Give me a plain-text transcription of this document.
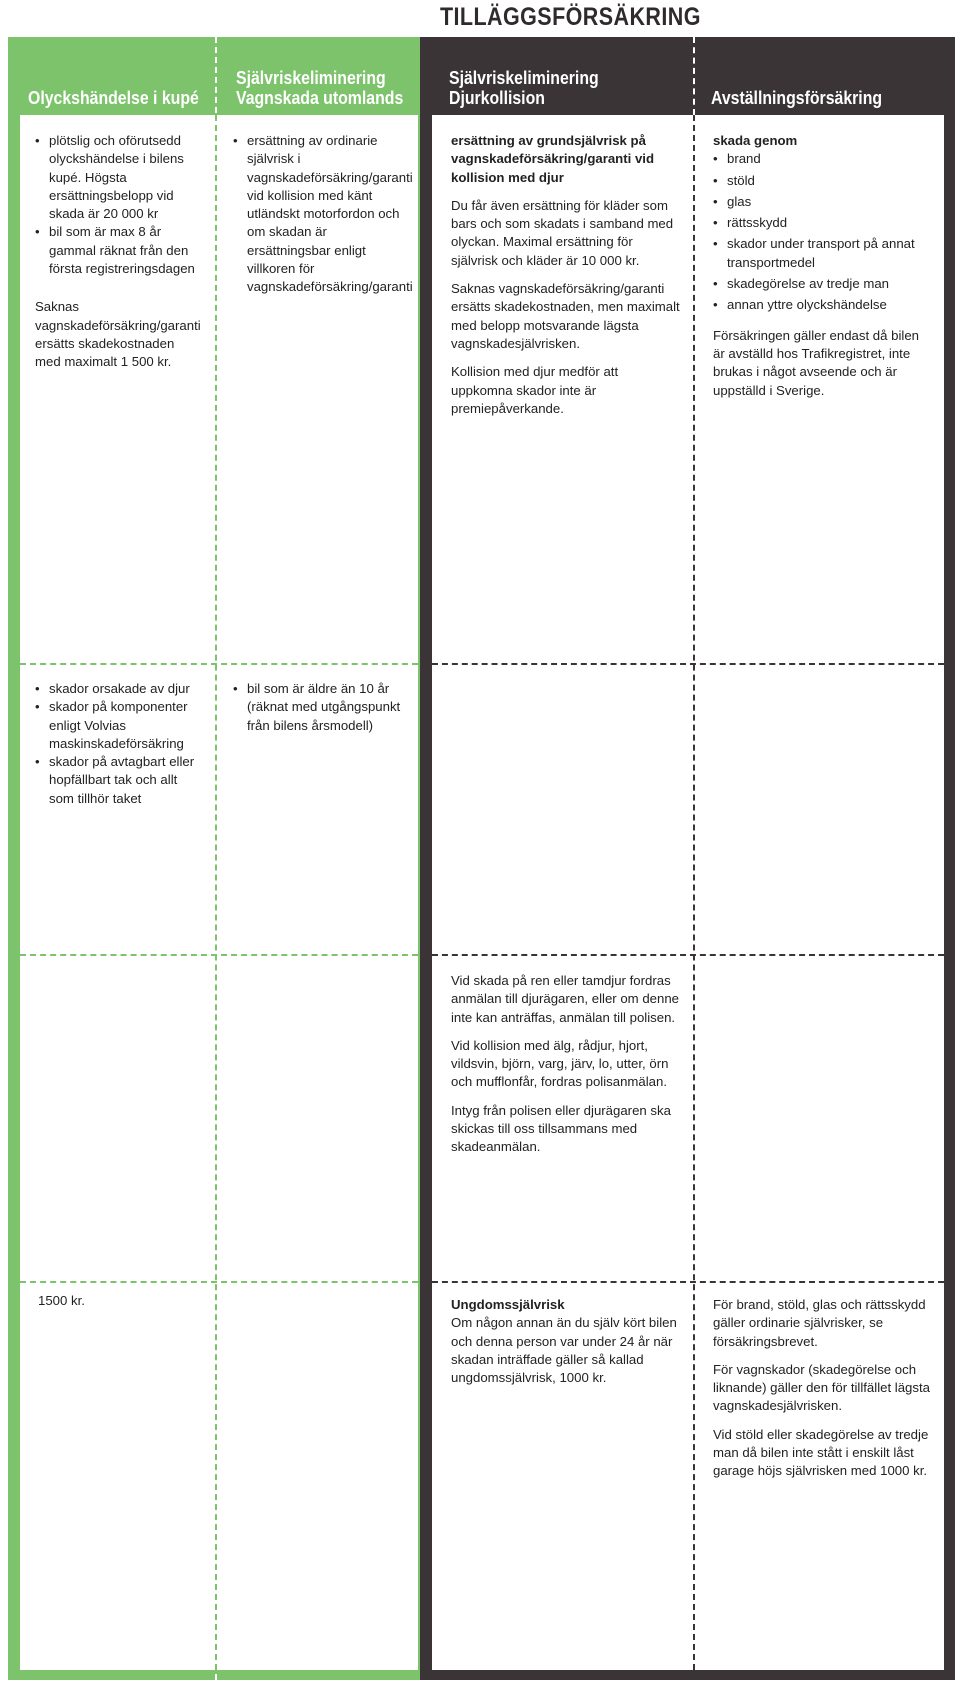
TILLÄGGSFÖRSÄKRING
Olyckshändelse i kupé
Självriskeliminering
Vagnskada utomlands
Självriskeliminering
Djurkollision	Avställningsförsäkring
• plötslig och oförutsedd olyckshändelse i bilens kupé. Högsta ersättningsbelopp vid skada är 20 000 kr
• bil som är max 8 år gammal räknat från den första registreringsdagen

Saknas vagnskadeförsäkring/garanti ersätts skadekostnaden med maximalt 1 500 kr.

• ersättning av ordinarie självrisk i vagnskadeförsäkring/garanti vid kollision med känt utländskt motorfordon och om skadan är ersättningsbar enligt villkoren för vagnskadeförsäkring/garanti

ersättning av grundsjälvrisk på vagnskadeförsäkring/garanti vid kollision med djur

Du får även ersättning för kläder som bars och som skadats i samband med olyckan. Maximal ersättning för självrisk och kläder är 10 000 kr.

Saknas vagnskadeförsäkring/garanti ersätts skadekostnaden, men maximalt med belopp motsvarande lägsta vagnskadesjälvrisken.

Kollision med djur medför att uppkomna skador inte är premiepåverkande.

skada genom
• brand
• stöld
• glas
• rättsskydd
• skador under transport på annat transportmedel
• skadegörelse av tredje man
• annan yttre olyckshändelse

Försäkringen gäller endast då bilen är avställd hos Trafikregistret, inte brukas i något avseende och är uppställd i Sverige.

• skador orsakade av djur
• skador på komponenter enligt Volvias maskinskadeförsäkring
• skador på avtagbart eller hopfällbart tak och allt som tillhör taket
• bil som är äldre än 10 år (räknat med utgångspunkt från bilens årsmodell)

Vid skada på ren eller tamdjur fordras anmälan till djurägaren, eller om denne inte kan anträffas, anmälan till polisen.

Vid kollision med älg, rådjur, hjort, vildsvin, björn, varg, järv, lo, utter, örn och mufflonfår, fordras polisanmälan.

Intyg från polisen eller djurägaren ska skickas till oss tillsammans med skadeanmälan.

1500 kr.	Ungdomssjälvrisk

Om någon annan än du själv kört bilen och denna person var under 24 år när skadan inträffade gäller så kallad ungdomssjälvrisk, 1000 kr.

För brand, stöld, glas och rättsskydd gäller ordinarie självrisker, se försäkringsbrevet.

För vagnskador (skadegörelse och liknande) gäller den för tillfället lägsta vagnskadesjälvrisken.

Vid stöld eller skadegörelse av tredje man då bilen inte stått i enskilt låst garage höjs självrisken med 1000 kr.
